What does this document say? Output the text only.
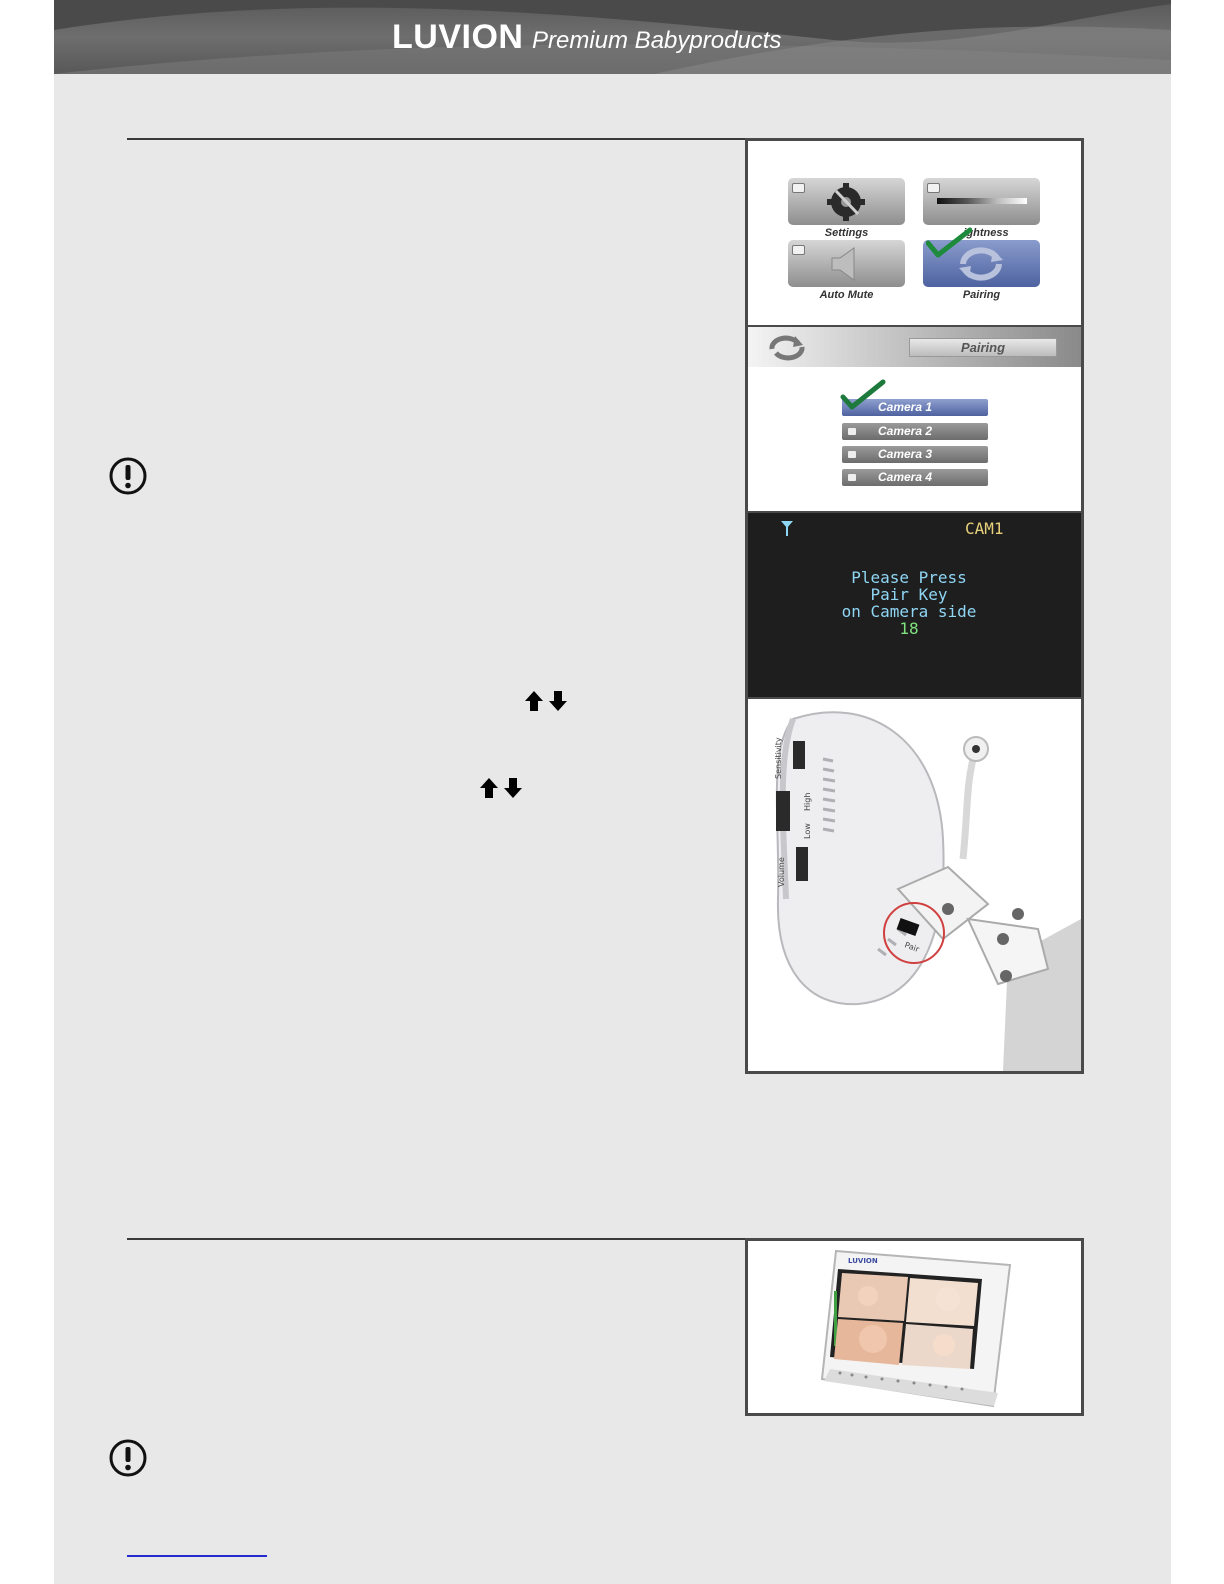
LUVION Premium Babyproducts
Settings	ightness
Auto Mute	Pairing
Pairing
Camera 1
Camera 2
Camera 3
Camera 4
CAM1
Please Press
Pair Key
on Camera side
18
Sensitivity
High
Low
Volume
Pair
LUVION
